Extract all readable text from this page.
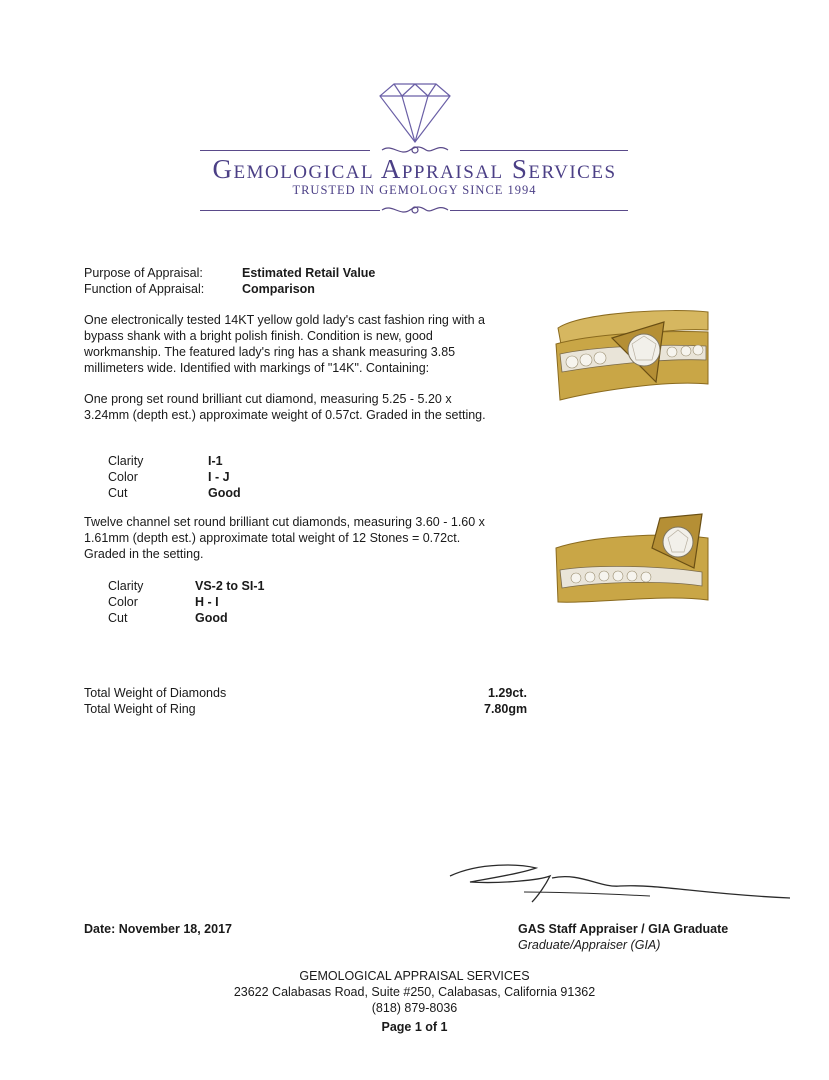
Gemological Appraisal Services
TRUSTED IN GEMOLOGY SINCE 1994
Purpose of Appraisal:	Estimated Retail Value
Function of Appraisal:	Comparison
One electronically tested 14KT yellow gold lady's cast fashion ring with a bypass shank with a bright polish finish. Condition is new, good workmanship. The featured lady's ring has a shank measuring 3.85 millimeters wide. Identified with markings of "14K". Containing:
One prong set round brilliant cut diamond, measuring 5.25 - 5.20 x 3.24mm (depth est.) approximate weight of 0.57ct. Graded in the setting.
Clarity	I-1
Color	I - J
Cut	Good
Twelve channel set round brilliant cut diamonds, measuring 3.60 - 1.60 x 1.61mm (depth est.) approximate total weight of 12 Stones = 0.72ct. Graded in the setting.
Clarity	VS-2 to SI-1
Color	H - I
Cut	Good
Total Weight of Diamonds	1.29ct.
Total Weight of Ring	7.80gm
Date: November 18, 2017	GAS Staff Appraiser / GIA Graduate
Graduate/Appraiser (GIA)
GEMOLOGICAL APPRAISAL SERVICES
23622 Calabasas Road, Suite #250, Calabasas, California 91362
(818) 879-8036
Page 1 of 1
